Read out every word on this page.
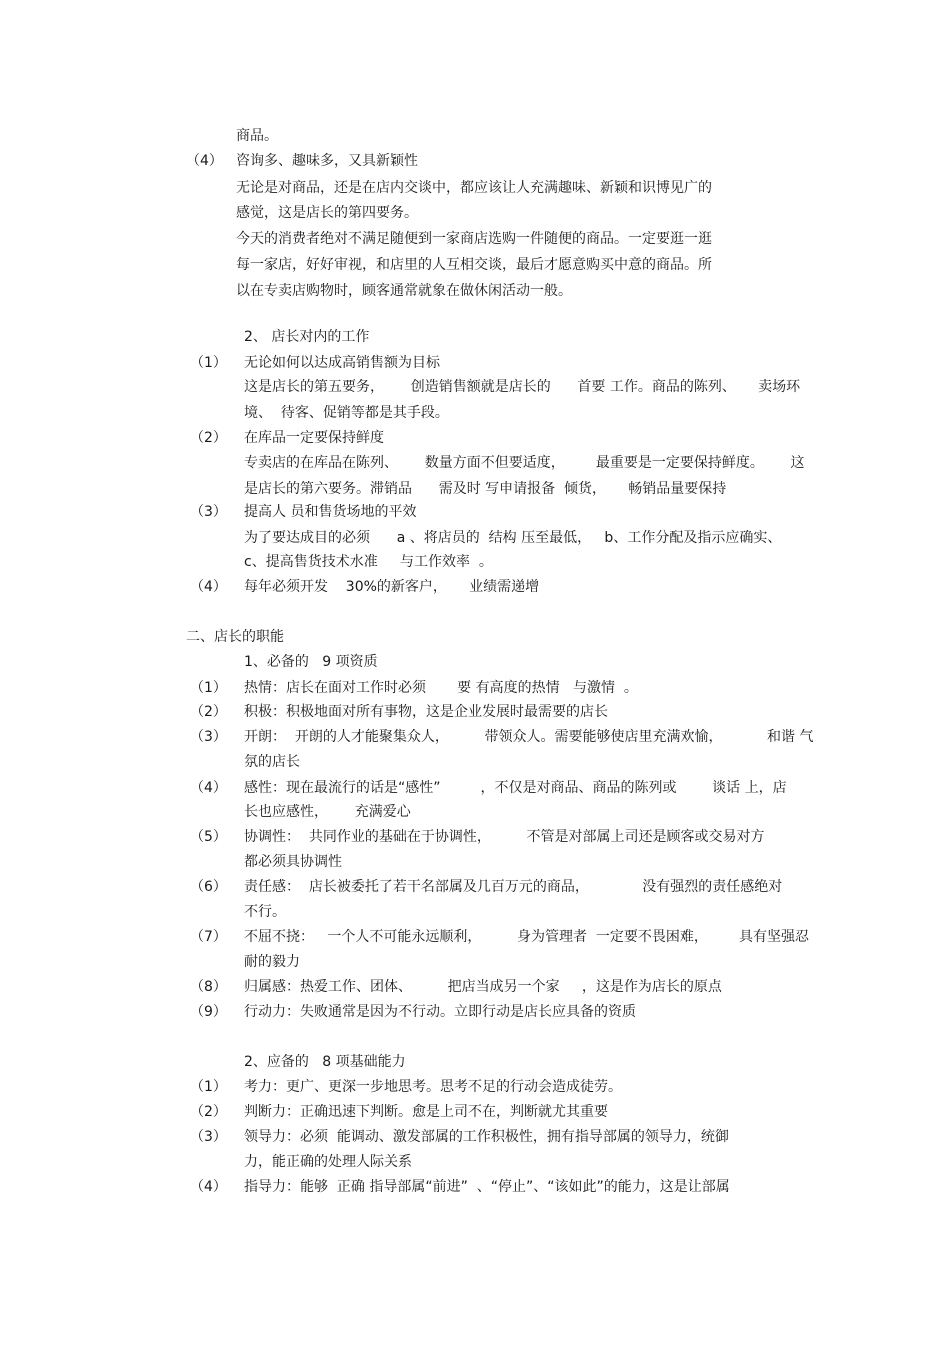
商品。
（4） 咨询多、趣味多，又具新颖性
无论是对商品，还是在店内交谈中，都应该让人充满趣味、新颖和识博见广的
感觉，这是店长的第四要务。
今天的消费者绝对不满足随便到一家商店选购一件随便的商品。一定要逛一逛
每一家店，好好审视，和店里的人互相交谈，最后才愿意购买中意的商品。所
以在专卖店购物时，顾客通常就象在做休闲活动一般。
2、 店长对内的工作
（1） 无论如何以达成高销售额为目标
这是店长的第五要务，      创造销售额就是店长的      首要 工作。商品的陈列、     卖场环
境、  待客、促销等都是其手段。
（2） 在库品一定要保持鲜度
专卖店的在库品在陈列、      数量方面不但要适度，       最重要是一定要保持鲜度。      这
是店长的第六要务。滞销品      需及时 写申请报备  倾货，     畅销品量要保持
（3） 提高人 员和售货场地的平效
为了要达成目的必须      a 、将店员的  结构 压至最低，   b、工作分配及指示应确实、
c、提高售货技术水准     与工作效率  。
（4） 每年必须开发    30%的新客户，     业绩需递增
二、店长的职能
1、必备的   9 项资质
（1） 热情：店长在面对工作时必须       要 有高度的热情   与激情  。
（2） 积极：积极地面对所有事物，这是企业发展时最需要的店长
（3） 开朗：  开朗的人才能聚集众人，        带领众人。需要能够使店里充满欢愉，          和谐 气
氛的店长
（4） 感性：现在最流行的话是“感性”         ，不仅是对商品、商品的陈列或        谈话 上，店
长也应感性，      充满爱心
（5） 协调性：  共同作业的基础在于协调性，        不管是对部属上司还是顾客或交易对方
都必须具协调性
（6） 责任感：  店长被委托了若干名部属及几百万元的商品，            没有强烈的责任感绝对
不行。
（7） 不屈不挠：   一个人不可能永远顺利，        身为管理者  一定要不畏困难，       具有坚强忍
耐的毅力
（8） 归属感：热爱工作、团体、        把店当成另一个家     ，这是作为店长的原点
（9） 行动力：失败通常是因为不行动。立即行动是店长应具备的资质
2、应备的   8 项基础能力
（1） 考力：更广、更深一步地思考。思考不足的行动会造成徒劳。
（2） 判断力：正确迅速下判断。愈是上司不在，判断就尤其重要
（3） 领导力：必须  能调动、激发部属的工作积极性，拥有指导部属的领导力，统御
力，能正确的处理人际关系
（4） 指导力：能够  正确 指导部属“前进”  、“停止”、“该如此”的能力，这是让部属
